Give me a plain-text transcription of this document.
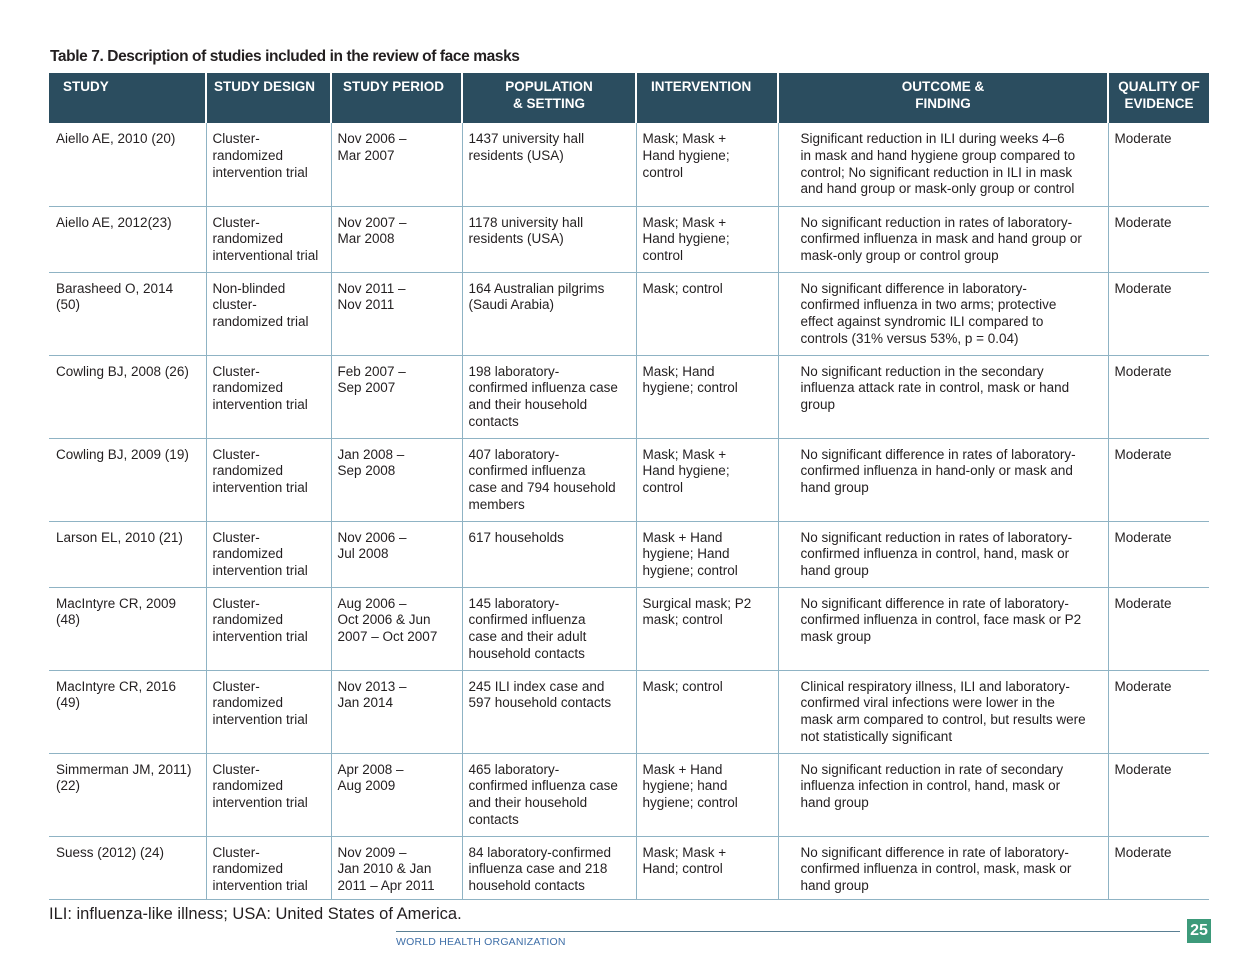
Table 7. Description of studies included in the review of face masks
STUDY	STUDY DESIGN	STUDY PERIOD	POPULATION
& SETTING	INTERVENTION	OUTCOME &
FINDING	QUALITY OF
EVIDENCE

Aiello AE, 2010 (20)	Cluster-
randomized
intervention trial	Nov 2006 –
Mar 2007	1437 university hall
residents (USA)	Mask; Mask +
Hand hygiene;
control	Significant reduction in ILI during weeks 4–6
in mask and hand hygiene group compared to
control; No significant reduction in ILI in mask
and hand group or mask-only group or control	Moderate

Aiello AE, 2012(23)	Cluster-
randomized
interventional trial	Nov 2007 –
Mar 2008	1178 university hall
residents (USA)	Mask; Mask +
Hand hygiene;
control	No significant reduction in rates of laboratory-
confirmed influenza in mask and hand group or
mask-only group or control group	Moderate

Barasheed O, 2014
(50)	Non-blinded
cluster-
randomized trial	Nov 2011 –
Nov 2011	164 Australian pilgrims
(Saudi Arabia)	Mask; control	No significant difference in laboratory-
confirmed influenza in two arms; protective
effect against syndromic ILI compared to
controls (31% versus 53%, p = 0.04)	Moderate

Cowling BJ, 2008 (26)	Cluster-
randomized
intervention trial	Feb 2007 –
Sep 2007	198 laboratory-
confirmed influenza case
and their household
contacts	Mask; Hand
hygiene; control	No significant reduction in the secondary
influenza attack rate in control, mask or hand
group	Moderate

Cowling BJ, 2009 (19)	Cluster-
randomized
intervention trial	Jan 2008 –
Sep 2008	407 laboratory-
confirmed influenza
case and 794 household
members	Mask; Mask +
Hand hygiene;
control	No significant difference in rates of laboratory-
confirmed influenza in hand-only or mask and
hand group	Moderate

Larson EL, 2010 (21)	Cluster-
randomized
intervention trial	Nov 2006 –
Jul 2008	617 households	Mask + Hand
hygiene; Hand
hygiene; control	No significant reduction in rates of laboratory-
confirmed influenza in control, hand, mask or
hand group	Moderate

MacIntyre CR, 2009
(48)	Cluster-
randomized
intervention trial	Aug 2006 –
Oct 2006 & Jun
2007 – Oct 2007	145 laboratory-
confirmed influenza
case and their adult
household contacts	Surgical mask; P2
mask; control	No significant difference in rate of laboratory-
confirmed influenza in control, face mask or P2
mask group	Moderate

MacIntyre CR, 2016
(49)	Cluster-
randomized
intervention trial	Nov 2013 –
Jan 2014	245 ILI index case and
597 household contacts	Mask; control	Clinical respiratory illness, ILI and laboratory-
confirmed viral infections were lower in the
mask arm compared to control, but results were
not statistically significant	Moderate

Simmerman JM, 2011)
(22)	Cluster-
randomized
intervention trial	Apr 2008 –
Aug 2009	465 laboratory-
confirmed influenza case
and their household
contacts	Mask + Hand
hygiene; hand
hygiene; control	No significant reduction in rate of secondary
influenza infection in control, hand, mask or
hand group	Moderate

Suess (2012) (24)	Cluster-
randomized
intervention trial	Nov 2009 –
Jan 2010 & Jan
2011 – Apr 2011	84 laboratory-confirmed
influenza case and 218
household contacts	Mask; Mask +
Hand; control	No significant difference in rate of laboratory-
confirmed influenza in control, mask, mask or
hand group	Moderate
ILI: influenza-like illness; USA: United States of America.
WORLD HEALTH ORGANIZATION
25
